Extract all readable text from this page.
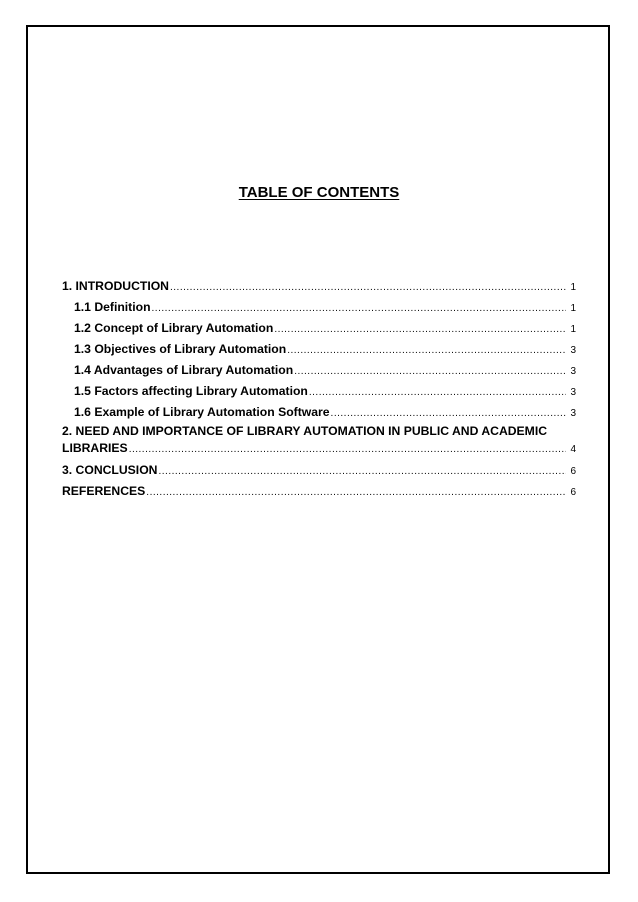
TABLE OF CONTENTS
1. INTRODUCTION .....	1
1.1 Definition .....	1
1.2 Concept of Library Automation .....	1
1.3 Objectives of Library Automation .....	3
1.4 Advantages of Library Automation .....	3
1.5 Factors affecting Library Automation .....	3
1.6 Example of Library Automation Software .....	3
2. NEED AND IMPORTANCE OF LIBRARY AUTOMATION IN PUBLIC AND ACADEMIC
LIBRARIES .....	4
3. CONCLUSION .....	6
REFERENCES .....	6
